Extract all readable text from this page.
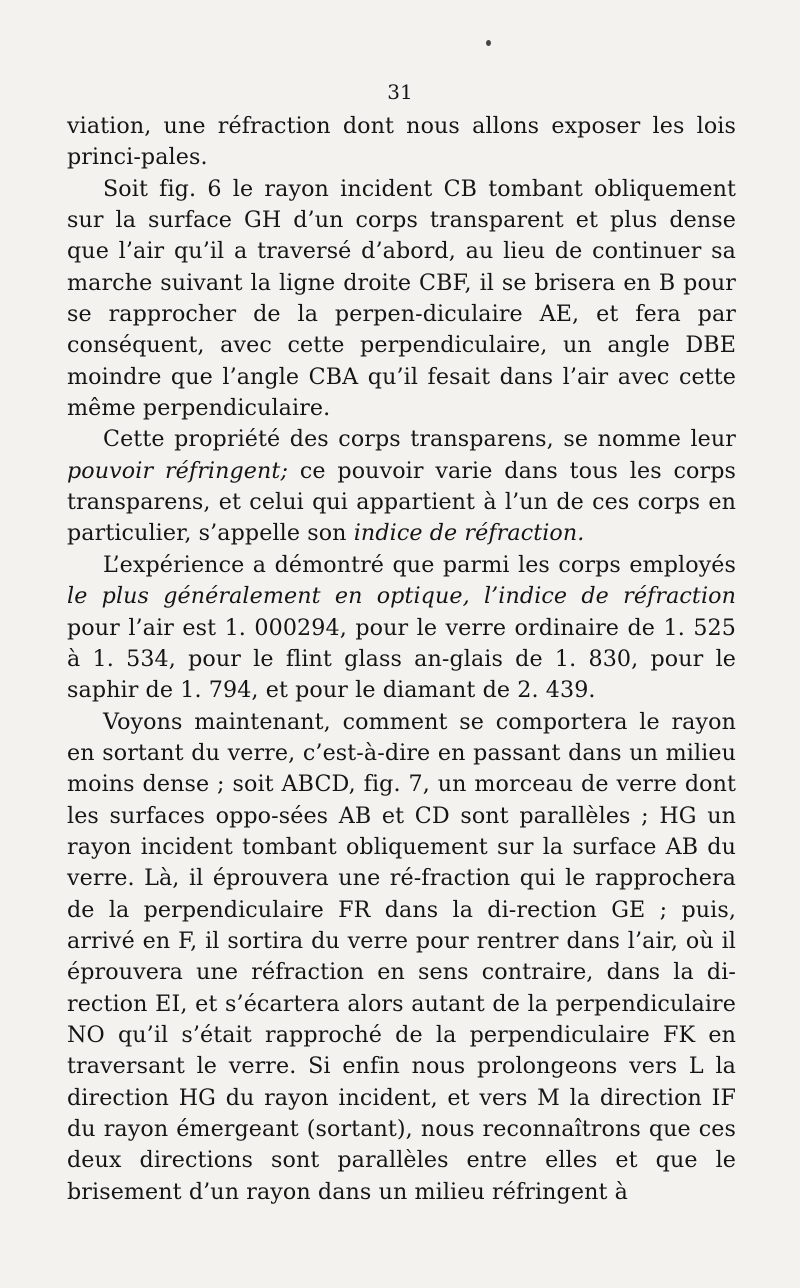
31

viation, une réfraction dont nous allons exposer les lois princi-pales.

Soit fig. 6 le rayon incident CB tombant obliquement sur la surface GH d’un corps transparent et plus dense que l’air qu’il a traversé d’abord, au lieu de continuer sa marche suivant la ligne droite CBF, il se brisera en B pour se rapprocher de la perpen-diculaire AE, et fera par conséquent, avec cette perpendiculaire, un angle DBE moindre que l’angle CBA qu’il fesait dans l’air avec cette même perpendiculaire.

Cette propriété des corps transparens, se nomme leur pouvoir réfringent; ce pouvoir varie dans tous les corps transparens, et celui qui appartient à l’un de ces corps en particulier, s’appelle son indice de réfraction.

L’expérience a démontré que parmi les corps employés le plus généralement en optique, l’indice de réfraction pour l’air est 1. 000294, pour le verre ordinaire de 1. 525 à 1. 534, pour le flint glass an-glais de 1. 830, pour le saphir de 1. 794, et pour le diamant de 2. 439.

Voyons maintenant, comment se comportera le rayon en sortant du verre, c’est-à-dire en passant dans un milieu moins dense ; soit ABCD, fig. 7, un morceau de verre dont les surfaces oppo-sées AB et CD sont parallèles ; HG un rayon incident tombant obliquement sur la surface AB du verre. Là, il éprouvera une ré-fraction qui le rapprochera de la perpendiculaire FR dans la di-rection GE ; puis, arrivé en F, il sortira du verre pour rentrer dans l’air, où il éprouvera une réfraction en sens contraire, dans la di-rection EI, et s’écartera alors autant de la perpendiculaire NO qu’il s’était rapproché de la perpendiculaire FK en traversant le verre. Si enfin nous prolongeons vers L la direction HG du rayon incident, et vers M la direction IF du rayon émergeant (sortant), nous reconnaîtrons que ces deux directions sont parallèles entre elles et que le brisement d’un rayon dans un milieu réfringent à
